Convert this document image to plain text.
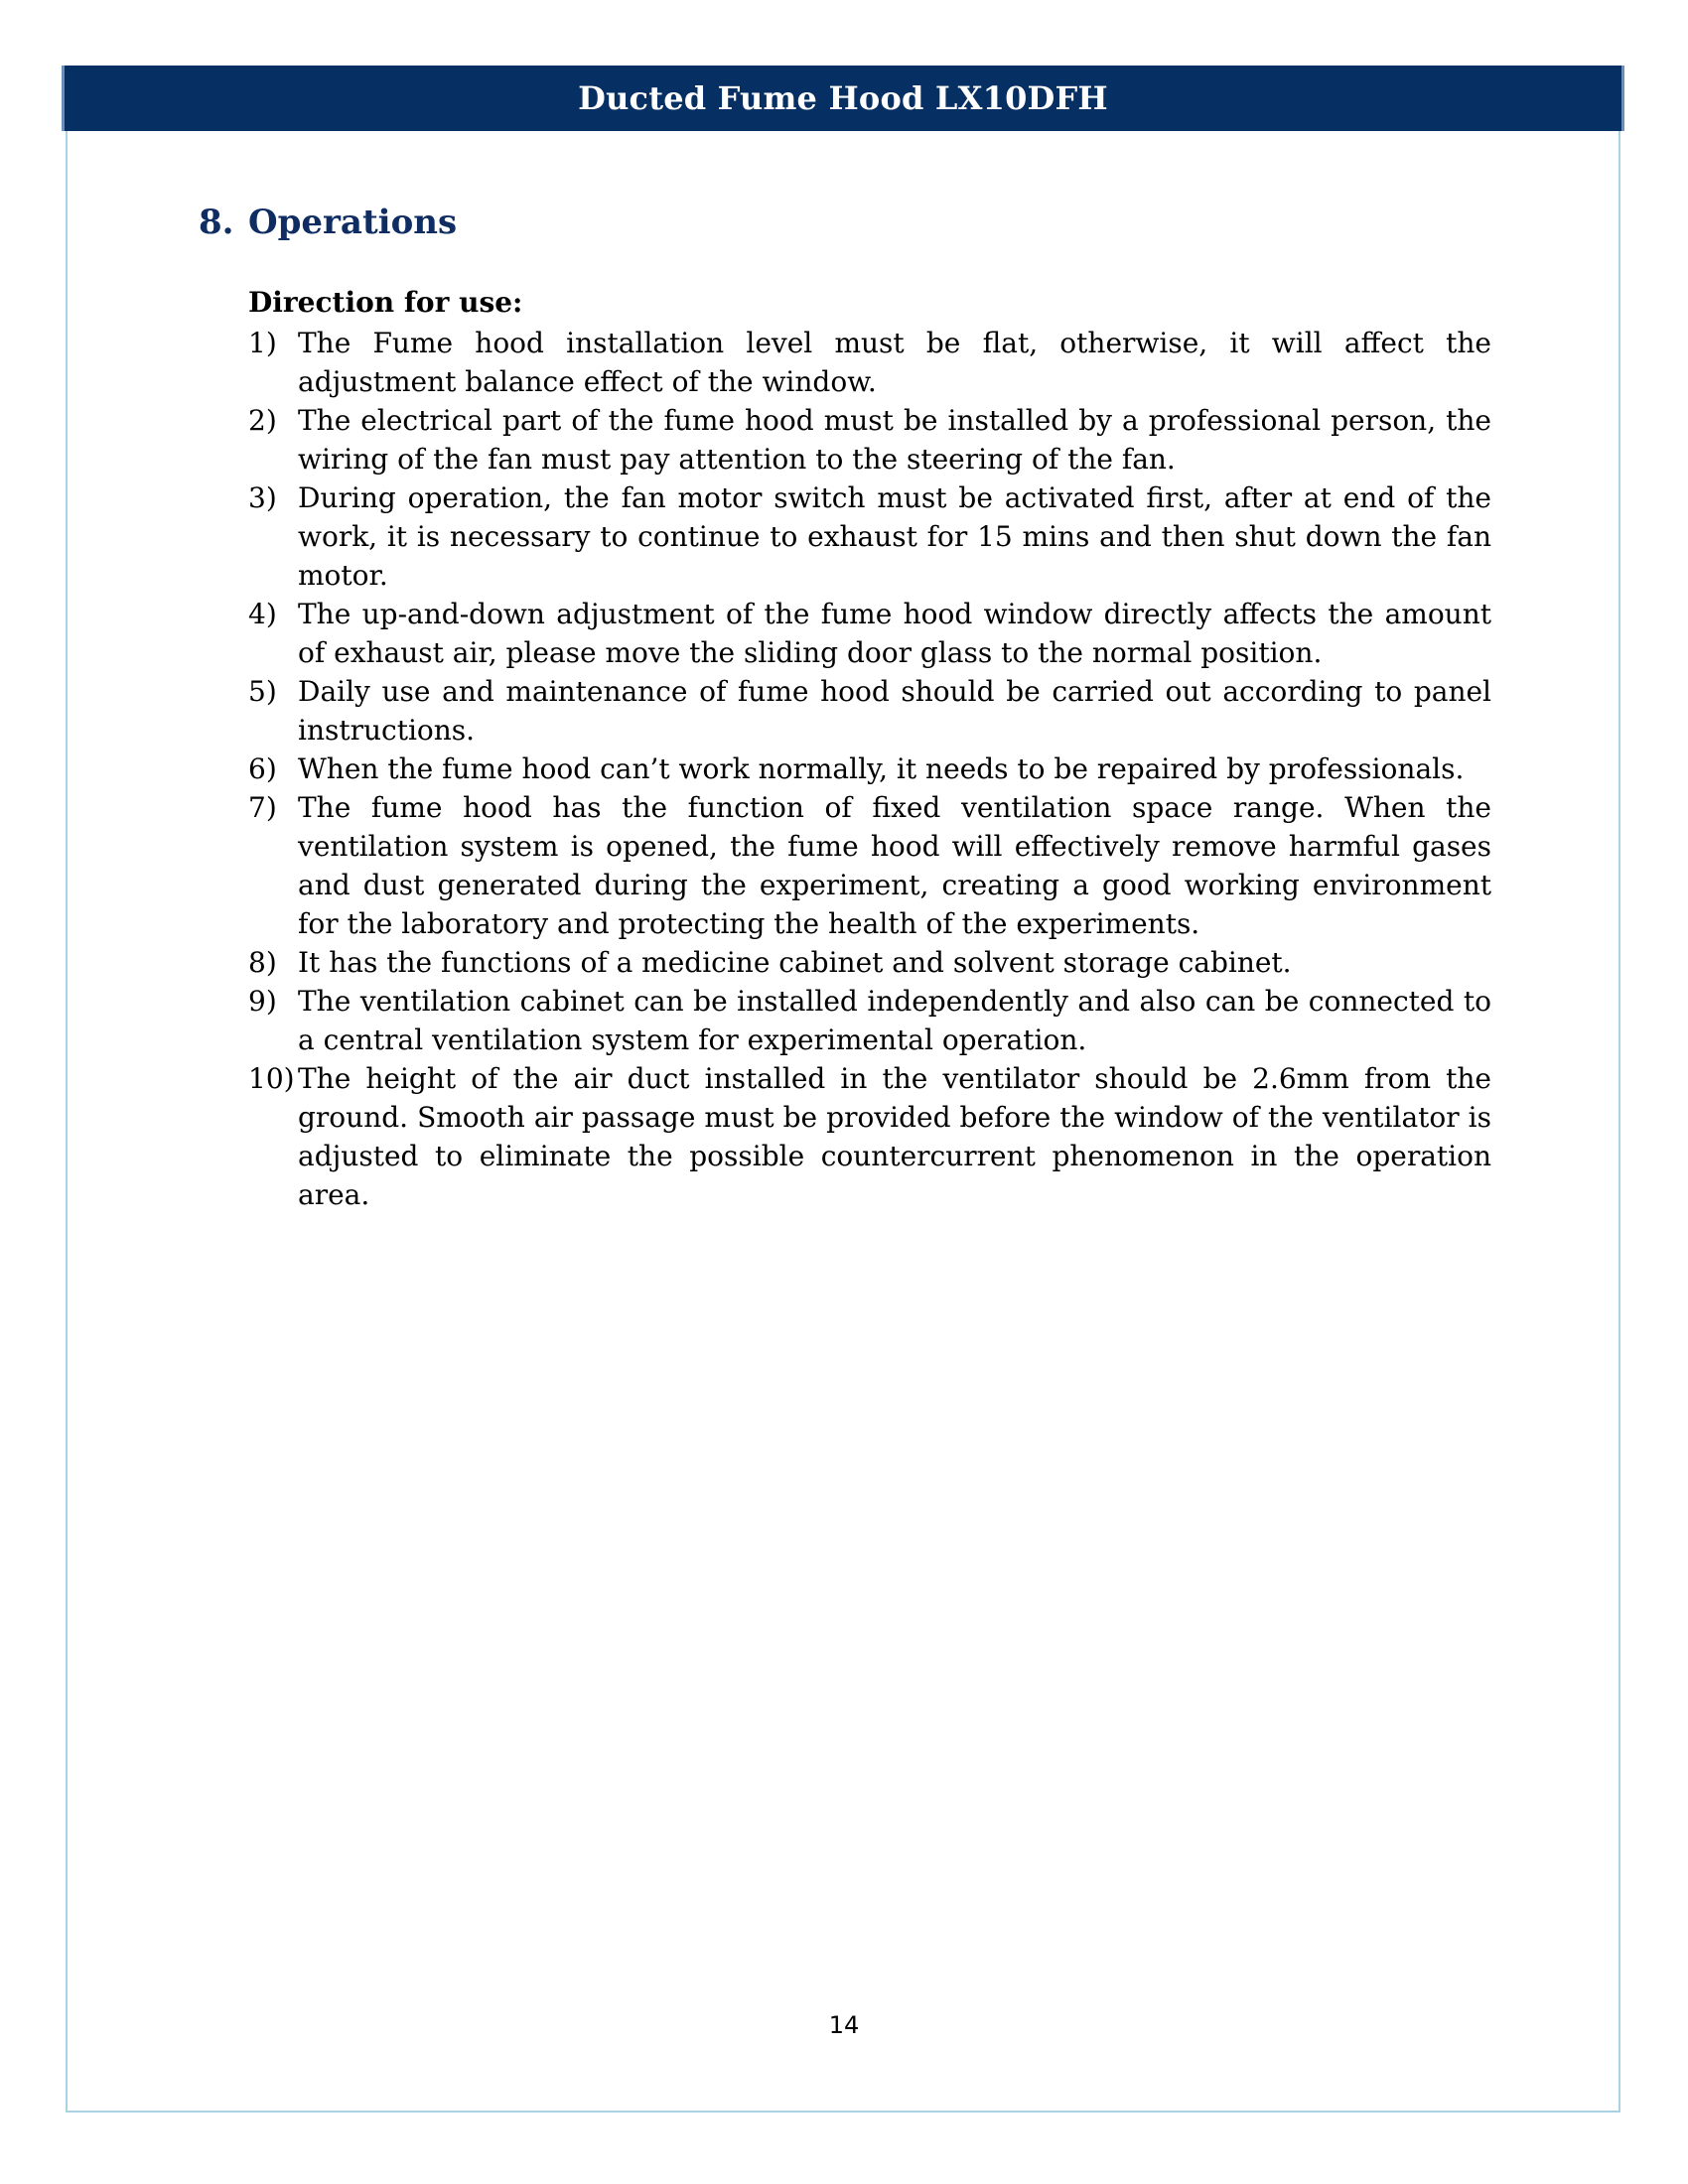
Ducted Fume Hood LX10DFH
8. Operations
Direction for use:
1) The Fume hood installation level must be flat, otherwise, it will affect the adjustment balance effect of the window.
2) The electrical part of the fume hood must be installed by a professional person, the wiring of the fan must pay attention to the steering of the fan.
3) During operation, the fan motor switch must be activated first, after at end of the work, it is necessary to continue to exhaust for 15 mins and then shut down the fan motor.
4) The up-and-down adjustment of the fume hood window directly affects the amount of exhaust air, please move the sliding door glass to the normal position.
5) Daily use and maintenance of fume hood should be carried out according to panel instructions.
6) When the fume hood can’t work normally, it needs to be repaired by professionals.
7) The fume hood has the function of fixed ventilation space range. When the ventilation system is opened, the fume hood will effectively remove harmful gases and dust generated during the experiment, creating a good working environment for the laboratory and protecting the health of the experiments.
8) It has the functions of a medicine cabinet and solvent storage cabinet.
9) The ventilation cabinet can be installed independently and also can be connected to a central ventilation system for experimental operation.
10) The height of the air duct installed in the ventilator should be 2.6mm from the ground. Smooth air passage must be provided before the window of the ventilator is adjusted to eliminate the possible countercurrent phenomenon in the operation area.
14
